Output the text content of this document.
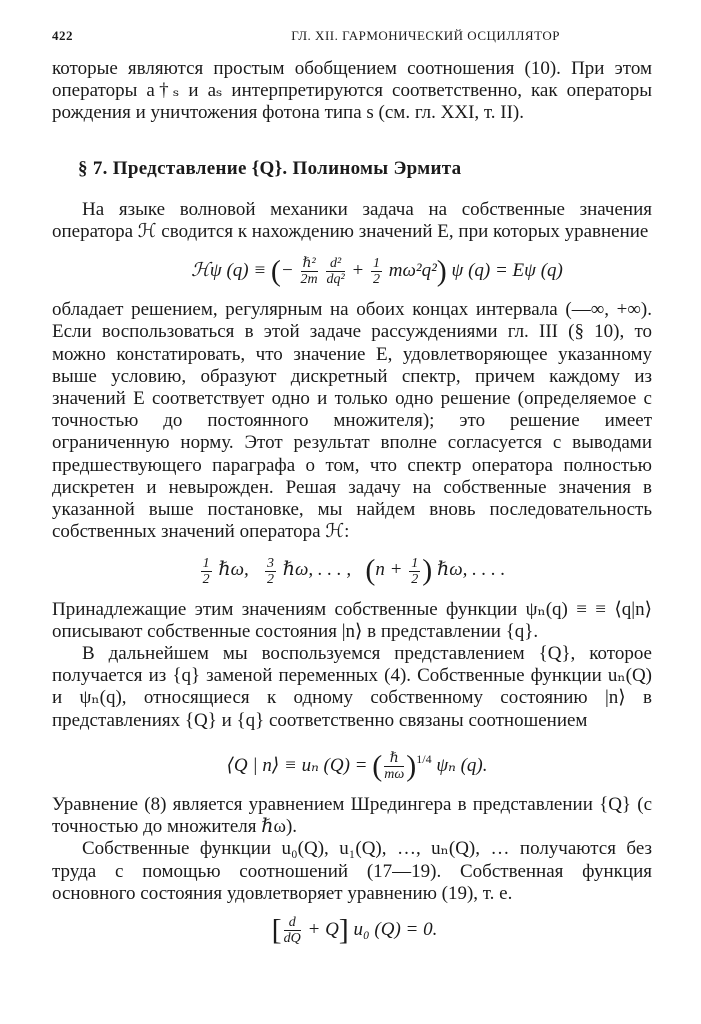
422	ГЛ. XII. ГАРМОНИЧЕСКИЙ ОСЦИЛЛЯТОР

которые являются простым обобщением соотношения (10). При этом операторы a†ₛ и aₛ интерпретируются соответственно, как операторы рождения и уничтожения фотона типа s (см. гл. XXI, т. II).

§ 7. Представление {Q}. Полиномы Эрмита

На языке волновой механики задача на собственные значения оператора ℋ сводится к нахождению значений E, при которых уравнение

ℋψ (q) ≡ (− $\frac{\text{ℏ²}}{2m}$
$\frac{\text{d²}}{\text{dq²}} + \frac{1}{2} m\omega^2q^2$) ψ (q) = Eψ (q)

обладает решением, регулярным на обоих концах интервала (—∞, +∞). Если воспользоваться в этой задаче рассуждениями гл. III (§ 10), то можно констатировать, что значение E, удовлетворяющее указанному выше условию, образуют дискретный спектр, причем каждому из значений E соответствует одно и только одно решение (определяемое с точностью до постоянного множителя); это решение имеет ограниченную норму. Этот результат вполне согласуется с выводами предшествующего параграфа о том, что спектр оператора полностью дискретен и невырожден. Решая задачу на собственные значения в указанной выше постановке, мы найдем вновь последовательность собственных значений оператора ℋ:

$\frac{1}{2}$ ℏω, $\frac{3}{2}$ ℏω, . . . , ($n + \frac{1}{2}$ ) ℏω, . . . .

Принадлежащие этим значениям собственные функции ψₙ(q) ≡ ≡ ⟨q|n⟩ описывают собственные состояния |n⟩ в представлении {q}.

В дальнейшем мы воспользуемся представлением {Q}, которое получается из {q} заменой переменных (4). Собственные функции uₙ(Q) и ψₙ(q), относящиеся к одному собственному состоянию |n⟩ в представлениях {Q} и {q} соответственно связаны соотношением

⟨Q | n⟩ ≡ uₙ (Q) = ( $\frac{\text{ℏ}}{m\omega} )^{1/4}$ ψₙ (q).

Уравнение (8) является уравнением Шредингера в представлении {Q} (с точностью до множителя ℏω).

Собственные функции u₀(Q), u₁(Q), …, uₙ(Q), … получаются без труда с помощью соотношений (17—19). Собственная функция основного состояния удовлетворяет уравнению (19), т. е.

[ $\frac{d}{dQ} + Q$] u₀ (Q) = 0.
